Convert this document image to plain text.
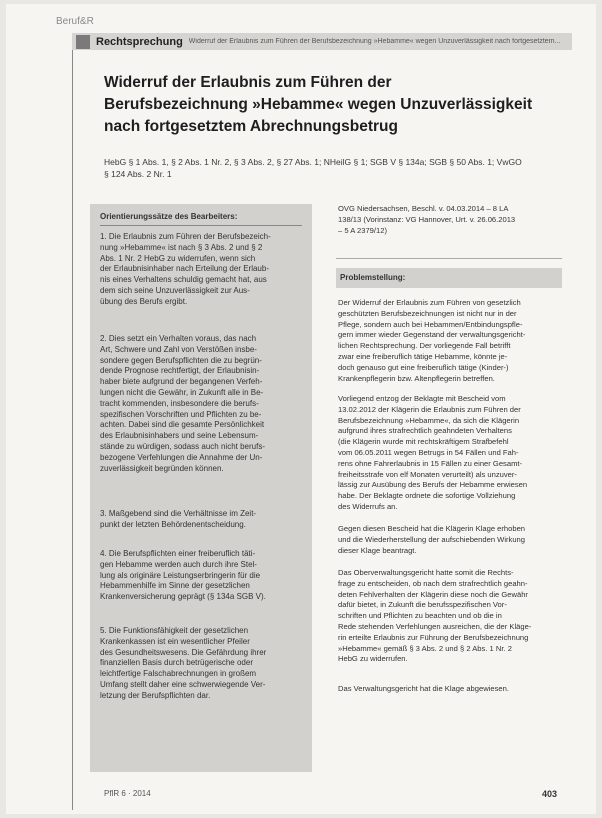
Beruf&R
Rechtsprechung Widerruf der Erlaubnis zum Führen der Berufsbezeichnung »Hebamme« wegen Unzuverlässigkeit nach fortgesetztem...
Widerruf der Erlaubnis zum Führen der
Berufsbezeichnung »Hebamme« wegen Unzuverlässigkeit
nach fortgesetztem Abrechnungsbetrug
HebG § 1 Abs. 1, § 2 Abs. 1 Nr. 2, § 3 Abs. 2, § 27 Abs. 1; NHeilG § 1; SGB V § 134a; SGB § 50 Abs. 1; VwGO
§ 124 Abs. 2 Nr. 1
Orientierungssätze des Bearbeiters:
1. Die Erlaubnis zum Führen der Berufsbezeich-
nung »Hebamme« ist nach § 3 Abs. 2 und § 2
Abs. 1 Nr. 2 HebG zu widerrufen, wenn sich
der Erlaubnisinhaber nach Erteilung der Erlaub-
nis eines Verhaltens schuldig gemacht hat, aus
dem sich seine Unzuverlässigkeit zur Aus-
übung des Berufs ergibt.
2. Dies setzt ein Verhalten voraus, das nach
Art, Schwere und Zahl von Verstößen insbe-
sondere gegen Berufspflichten die zu begrün-
dende Prognose rechtfertigt, der Erlaubnisin-
haber biete aufgrund der begangenen Verfeh-
lungen nicht die Gewähr, in Zukunft alle in Be-
tracht kommenden, insbesondere die berufs-
spezifischen Vorschriften und Pflichten zu be-
achten. Dabei sind die gesamte Persönlichkeit
des Erlaubnisinhabers und seine Lebensum-
stände zu würdigen, sodass auch nicht berufs-
bezogene Verfehlungen die Annahme der Un-
zuverlässigkeit begründen können.
3. Maßgebend sind die Verhältnisse im Zeit-
punkt der letzten Behördenentscheidung.
4. Die Berufspflichten einer freiberuflich täti-
gen Hebamme werden auch durch ihre Stel-
lung als originäre Leistungserbringerin für die
Hebammenhilfe im Sinne der gesetzlichen
Krankenversicherung geprägt (§ 134a SGB V).
5. Die Funktionsfähigkeit der gesetzlichen
Krankenkassen ist ein wesentlicher Pfeiler
des Gesundheitswesens. Die Gefährdung ihrer
finanziellen Basis durch betrügerische oder
leichtfertige Falschabrechnungen in großem
Umfang stellt daher eine schwerwiegende Ver-
letzung der Berufspflichten dar.
OVG Niedersachsen, Beschl. v. 04.03.2014 – 8 LA
138/13 (Vorinstanz: VG Hannover, Urt. v. 26.06.2013
– 5 A 2379/12)
Problemstellung:
Der Widerruf der Erlaubnis zum Führen von gesetzlich
geschützten Berufsbezeichnungen ist nicht nur in der
Pflege, sondern auch bei Hebammen/Entbindungspfle-
gern immer wieder Gegenstand der verwaltungsgericht-
lichen Rechtsprechung. Der vorliegende Fall betrifft
zwar eine freiberuflich tätige Hebamme, könnte je-
doch genauso gut eine freiberuflich tätige (Kinder-)
Krankenpflegerin bzw. Altenpflegerin betreffen.
Vorliegend entzog der Beklagte mit Bescheid vom
13.02.2012 der Klägerin die Erlaubnis zum Führen der
Berufsbezeichnung »Hebamme«, da sich die Klägerin
aufgrund ihres strafrechtlich geahndeten Verhaltens
(die Klägerin wurde mit rechtskräftigem Strafbefehl
vom 06.05.2011 wegen Betrugs in 54 Fällen und Fah-
rens ohne Fahrerlaubnis in 15 Fällen zu einer Gesamt-
freiheitsstrafe von elf Monaten verurteilt) als unzuver-
lässig zur Ausübung des Berufs der Hebamme erwiesen
habe. Der Beklagte ordnete die sofortige Vollziehung
des Widerrufs an.
Gegen diesen Bescheid hat die Klägerin Klage erhoben
und die Wiederherstellung der aufschiebenden Wirkung
dieser Klage beantragt.
Das Oberverwaltungsgericht hatte somit die Rechts-
frage zu entscheiden, ob nach dem strafrechtlich geahn-
deten Fehlverhalten der Klägerin diese noch die Gewähr
dafür bietet, in Zukunft die berufsspezifischen Vor-
schriften und Pflichten zu beachten und ob die in
Rede stehenden Verfehlungen ausreichen, die der Kläge-
rin erteilte Erlaubnis zur Führung der Berufsbezeichnung
»Hebamme« gemäß § 3 Abs. 2 und § 2 Abs. 1 Nr. 2
HebG zu widerrufen.
Das Verwaltungsgericht hat die Klage abgewiesen.
PflR 6 · 2014	403
